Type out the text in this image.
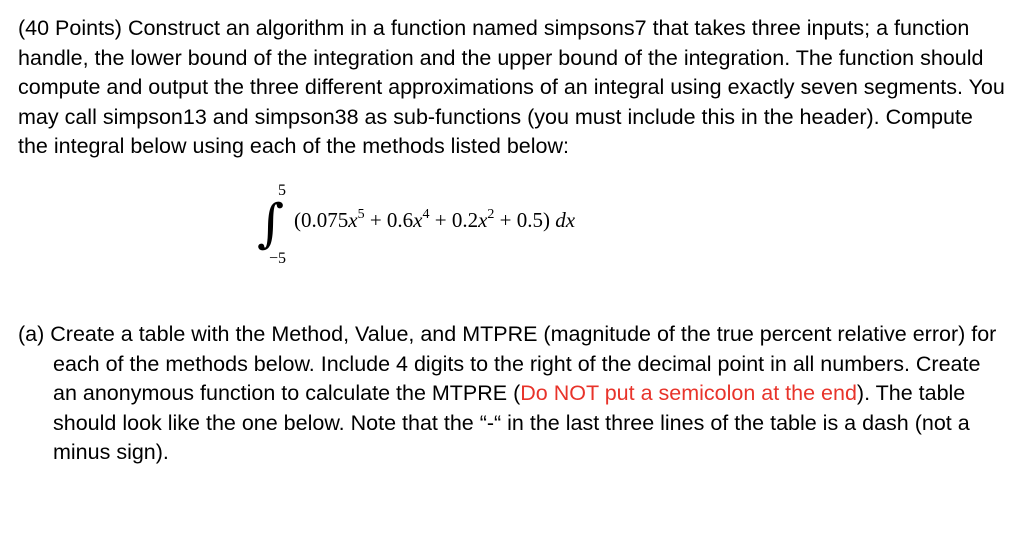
(40 Points) Construct an algorithm in a function named simpsons7 that takes three inputs; a function handle, the lower bound of the integration and the upper bound of the integration. The function should compute and output the three different approximations of an integral using exactly seven segments. You may call simpson13 and simpson38 as sub-functions (you must include this in the header). Compute the integral below using each of the methods listed below:

∫
5
−5
$(0.075x^5 + 0.6x^4 + 0.2x^2 + 0.5)$ dx

(a) Create a table with the Method, Value, and MTPRE (magnitude of the true percent relative error) for each of the methods below. Include 4 digits to the right of the decimal point in all numbers. Create an anonymous function to calculate the MTPRE (Do NOT put a semicolon at the end). The table should look like the one below. Note that the “-“ in the last three lines of the table is a dash (not a minus sign).
